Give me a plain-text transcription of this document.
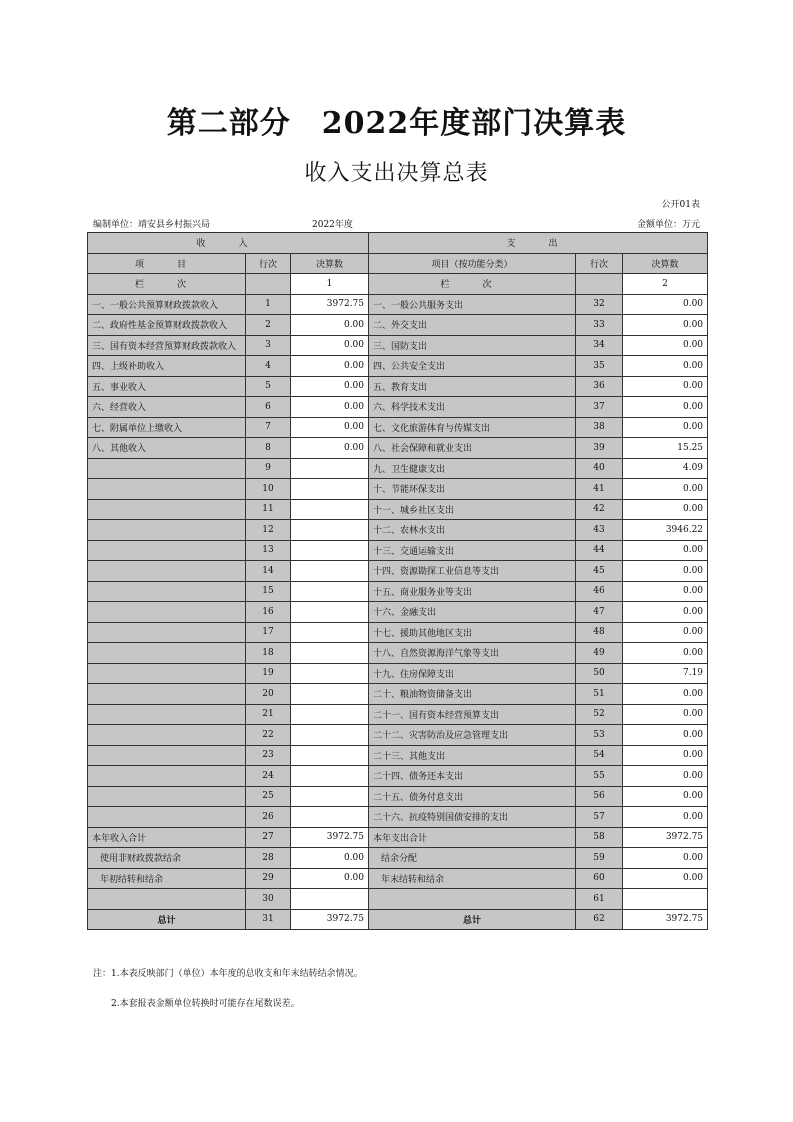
第二部分　2022年度部门决算表
收入支出决算总表
公开01表
编制单位：靖安县乡村振兴局	2022年度	金额单位：万元
收　入			支　出		
项　目	行次	决算数	项目（按功能分类）	行次	决算数
栏　次		1	栏　次		2
一、一般公共预算财政拨款收入	1	3972.75	一、一般公共服务支出	32	0.00
二、政府性基金预算财政拨款收入	2	0.00	二、外交支出	33	0.00
三、国有资本经营预算财政拨款收入	3	0.00	三、国防支出	34	0.00
四、上级补助收入	4	0.00	四、公共安全支出	35	0.00
五、事业收入	5	0.00	五、教育支出	36	0.00
六、经营收入	6	0.00	六、科学技术支出	37	0.00
七、附属单位上缴收入	7	0.00	七、文化旅游体育与传媒支出	38	0.00
八、其他收入	8	0.00	八、社会保障和就业支出	39	15.25
	9		九、卫生健康支出	40	4.09
	10		十、节能环保支出	41	0.00
	11		十一、城乡社区支出	42	0.00
	12		十二、农林水支出	43	3946.22
	13		十三、交通运输支出	44	0.00
	14		十四、资源勘探工业信息等支出	45	0.00
	15		十五、商业服务业等支出	46	0.00
	16		十六、金融支出	47	0.00
	17		十七、援助其他地区支出	48	0.00
	18		十八、自然资源海洋气象等支出	49	0.00
	19		十九、住房保障支出	50	7.19
	20		二十、粮油物资储备支出	51	0.00
	21		二十一、国有资本经营预算支出	52	0.00
	22		二十二、灾害防治及应急管理支出	53	0.00
	23		二十三、其他支出	54	0.00
	24		二十四、债务还本支出	55	0.00
	25		二十五、债务付息支出	56	0.00
	26		二十六、抗疫特别国债安排的支出	57	0.00
本年收入合计	27	3972.75	本年支出合计	58	3972.75
使用非财政拨款结余	28	0.00	结余分配	59	0.00
年初结转和结余	29	0.00	年末结转和结余	60	0.00
	30			61	
总计	31	3972.75	总计	62	3972.75
注：1.本表反映部门（单位）本年度的总收支和年末结转结余情况。
2.本套报表金额单位转换时可能存在尾数误差。
